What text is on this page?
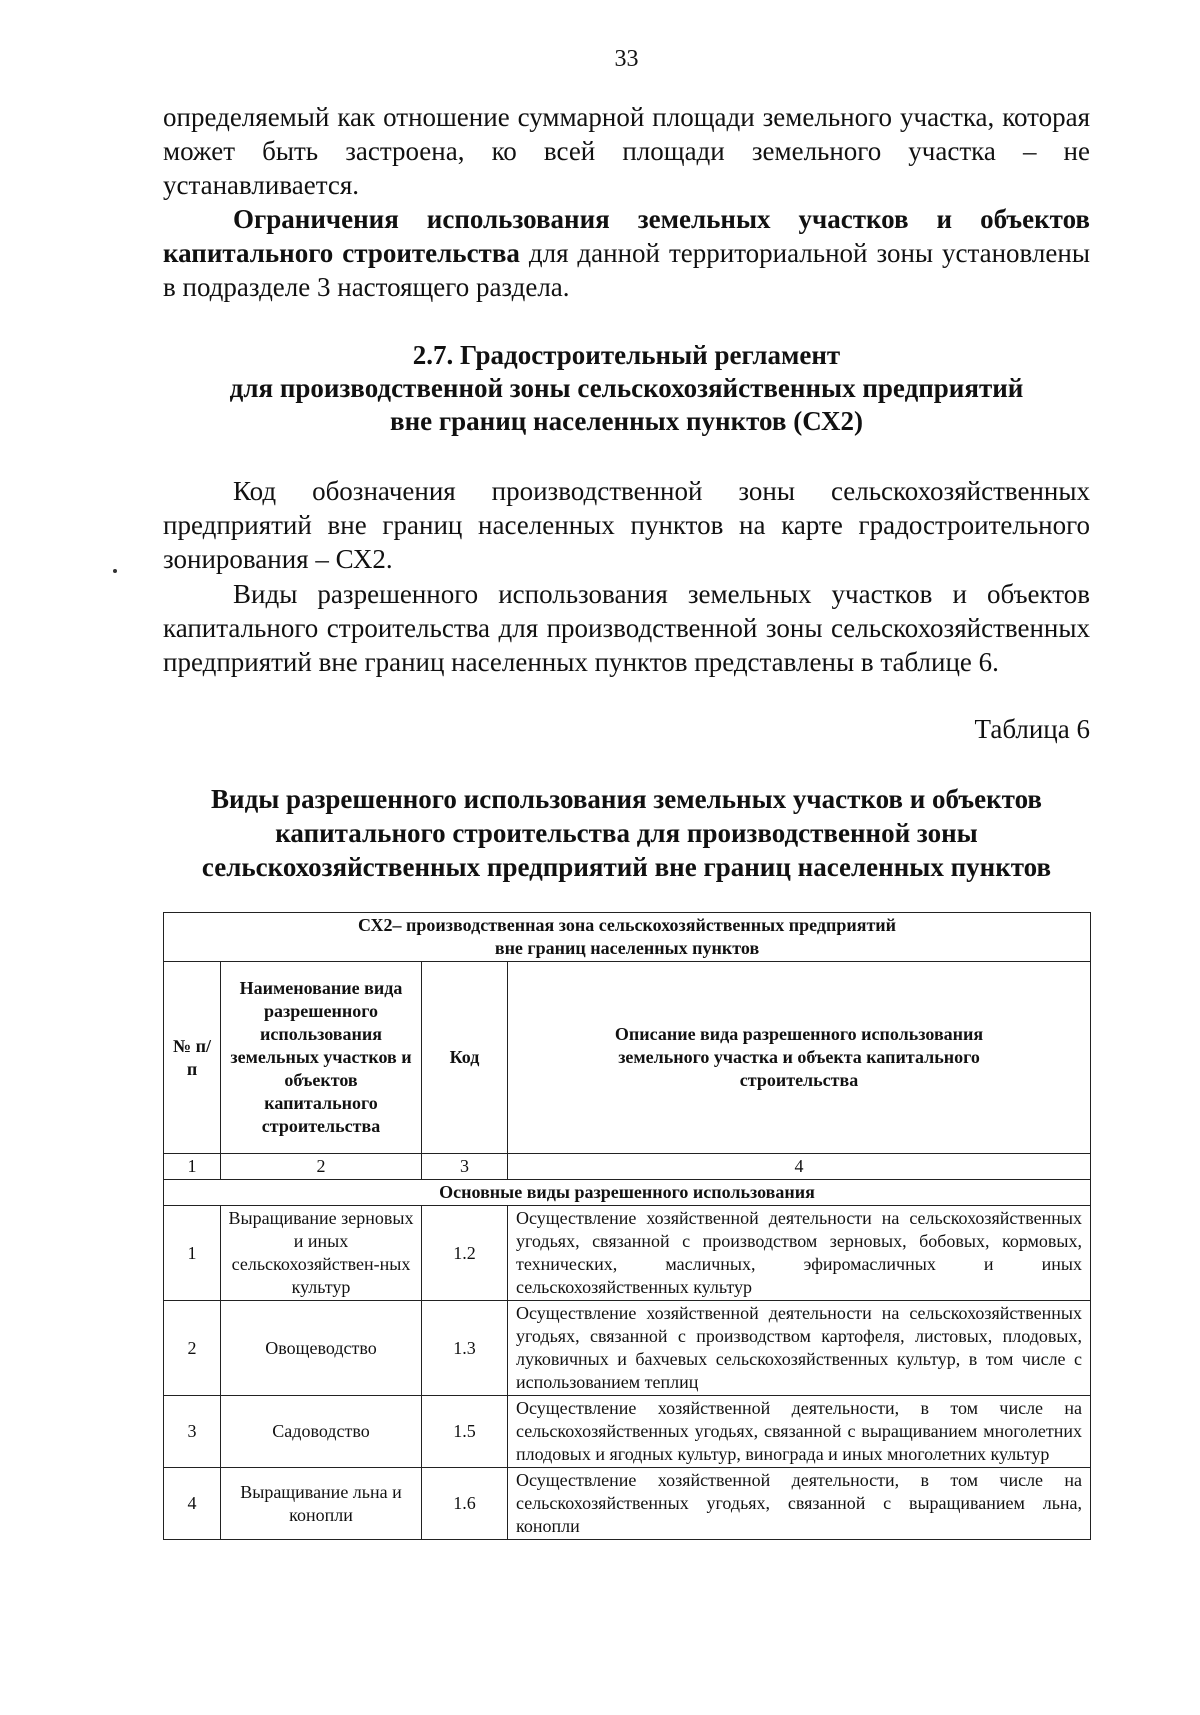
33
определяемый как отношение суммарной площади земельного участка, которая может быть застроена, ко всей площади земельного участка – не устанавливается.
Ограничения использования земельных участков и объектов капитального строительства для данной территориальной зоны установлены в подразделе 3 настоящего раздела.
2.7. Градостроительный регламент
для производственной зоны сельскохозяйственных предприятий
вне границ населенных пунктов (СХ2)
Код обозначения производственной зоны сельскохозяйственных предприятий вне границ населенных пунктов на карте градостроительного зонирования – СХ2.
Виды разрешенного использования земельных участков и объектов капитального строительства для производственной зоны сельскохозяйственных предприятий вне границ населенных пунктов представлены в таблице 6.
Таблица 6
Виды разрешенного использования земельных участков и объектов
капитального строительства для производственной зоны
сельскохозяйственных предприятий вне границ населенных пунктов
СХ2– производственная зона сельскохозяйственных предприятий
вне границ населенных пунктов			

№ п/п	Наименование вида разрешенного использования земельных участков и объектов капитального строительства	Код	Описание вида разрешенного использования земельного участка и объекта капитального строительства
1	2	3	4
Основные виды разрешенного использования			
1	Выращивание зерновых и иных сельскохозяйствен-ных культур	1.2	Осуществление хозяйственной деятельности на сельскохозяйственных угодьях, связанной с производством зерновых, бобовых, кормовых, технических, масличных, эфиромасличных и иных сельскохозяйственных культур
2	Овощеводство	1.3	Осуществление хозяйственной деятельности на сельскохозяйственных угодьях, связанной с производством картофеля, листовых, плодовых, луковичных и бахчевых сельскохозяйственных культур, в том числе с использованием теплиц
3	Садоводство	1.5	Осуществление хозяйственной деятельности, в том числе на сельскохозяйственных угодьях, связанной с выращиванием многолетних плодовых и ягодных культур, винограда и иных многолетних культур
4	Выращивание льна и конопли	1.6	Осуществление хозяйственной деятельности, в том числе на сельскохозяйственных угодьях, связанной с выращиванием льна, конопли
